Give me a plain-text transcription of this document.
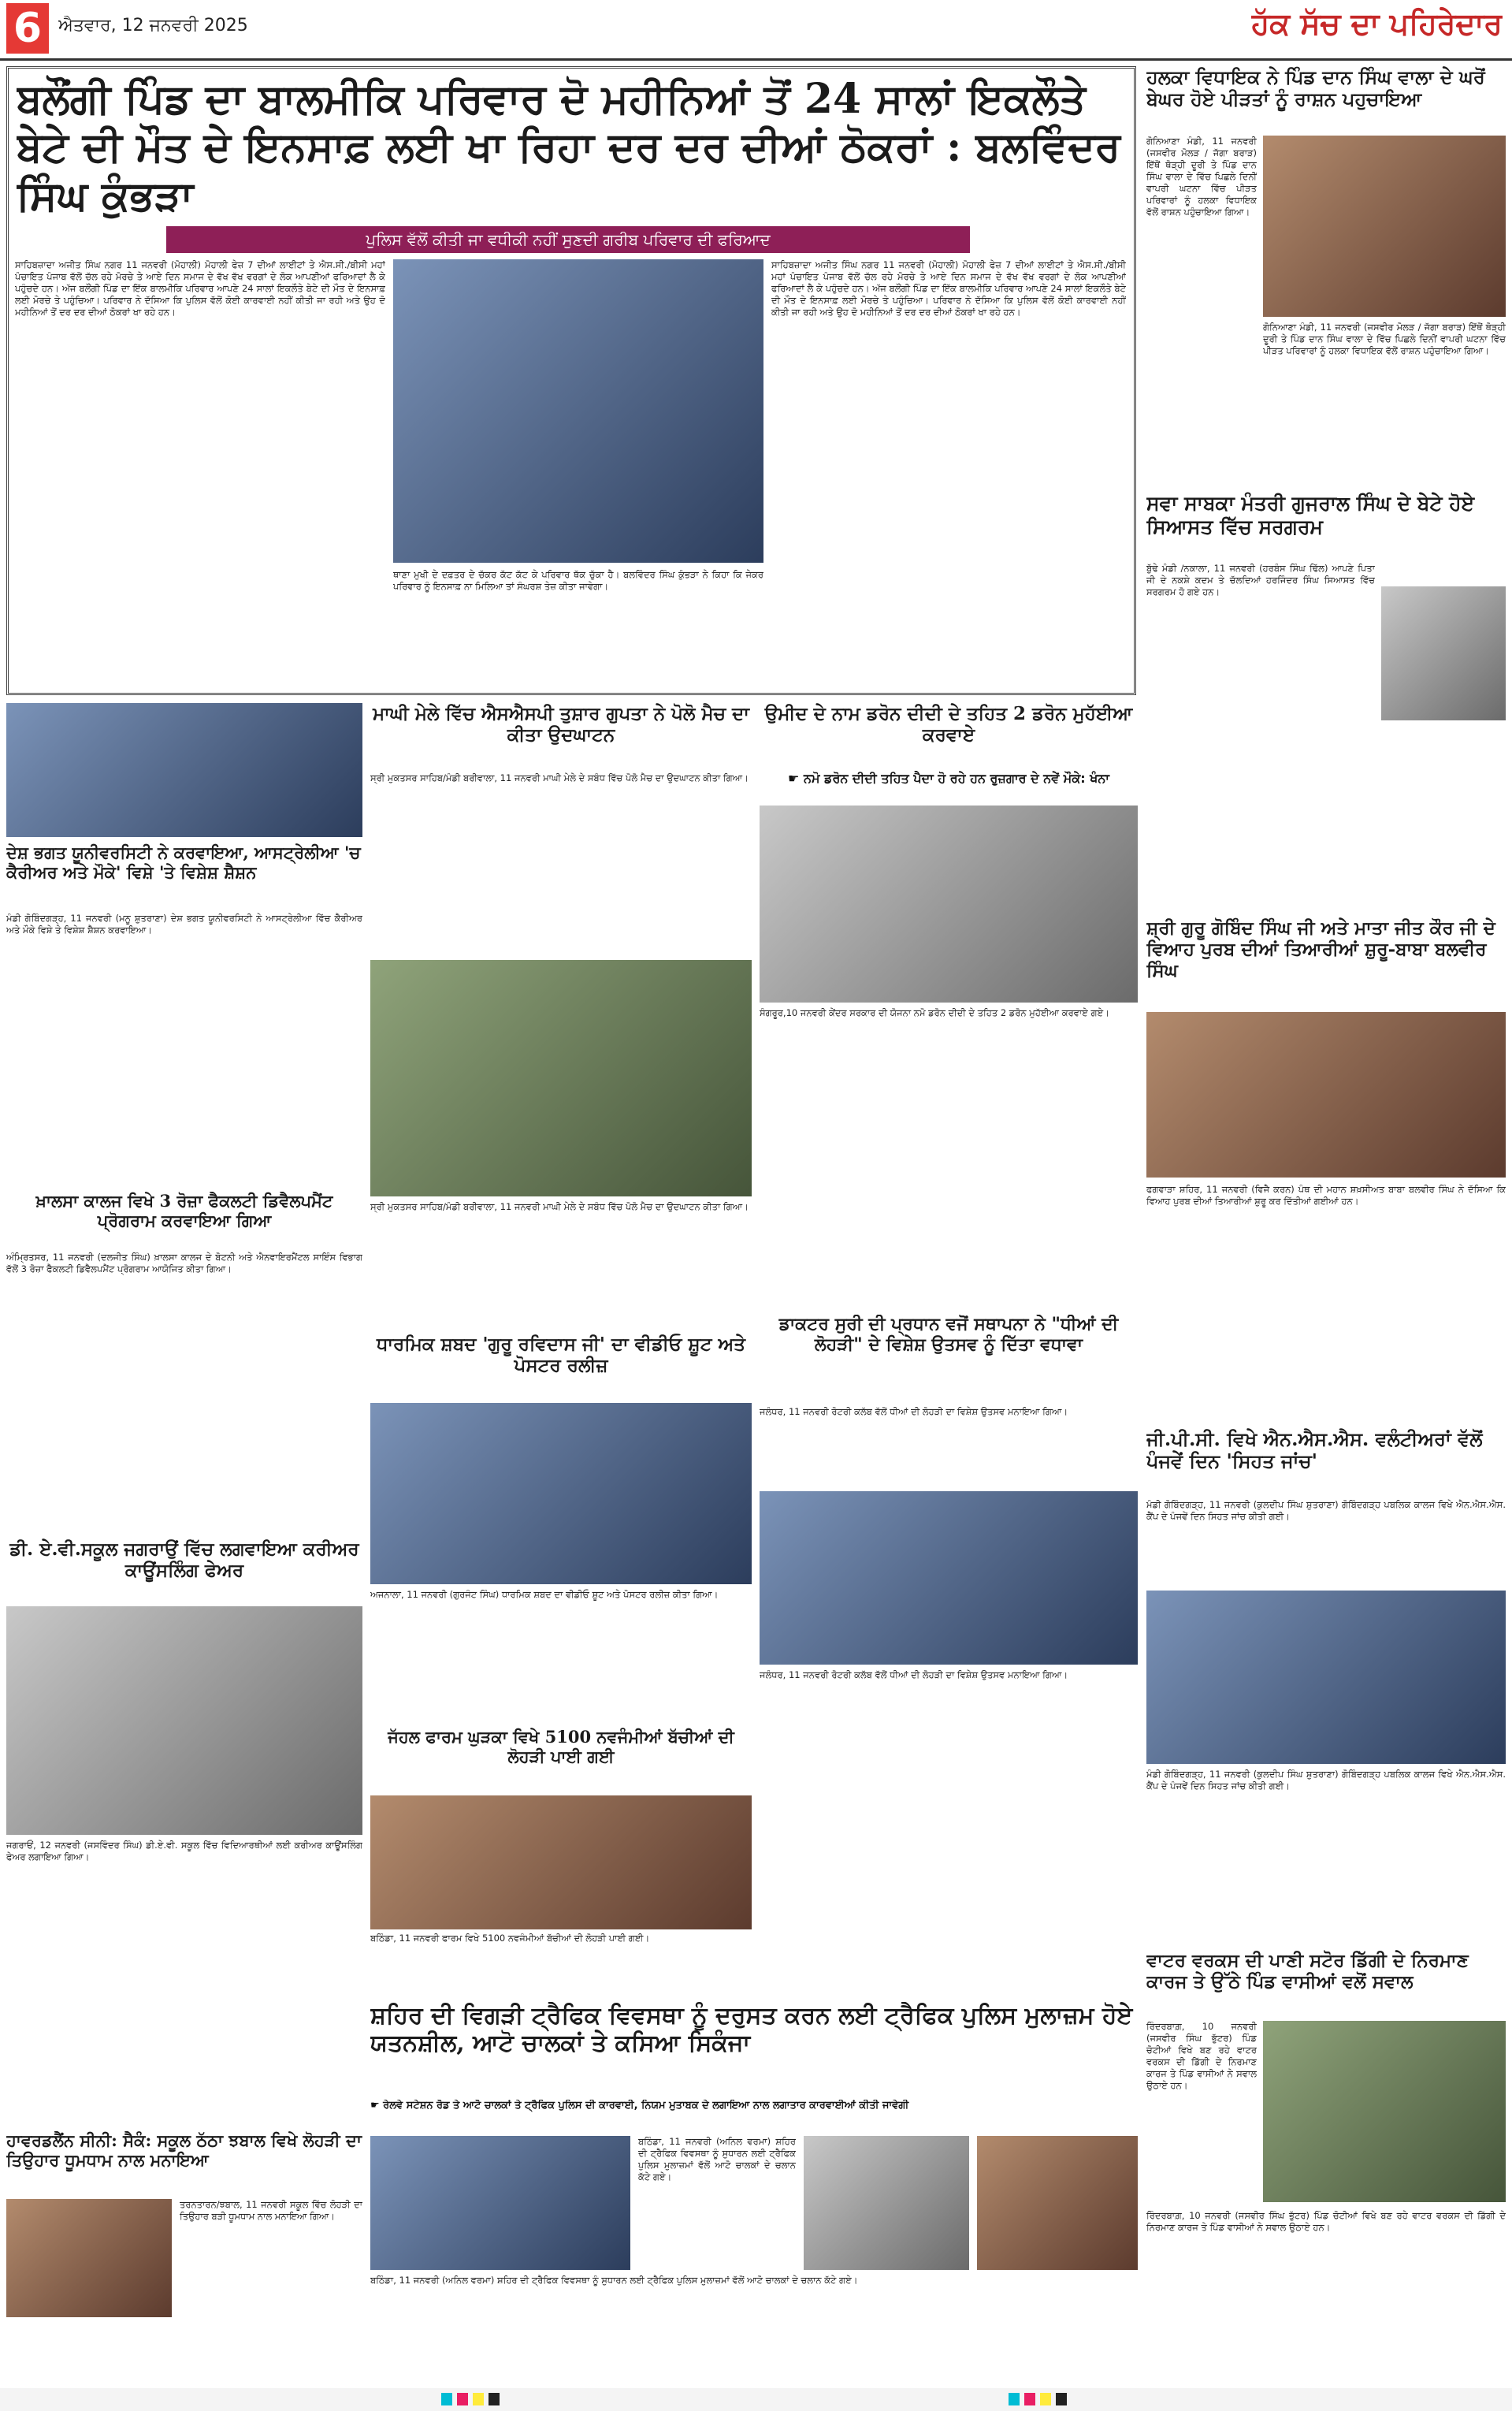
6 ਐਤਵਾਰ, 12 ਜਨਵਰੀ 2025	ਹੱਕ ਸੱਚ ਦਾ ਪਹਿਰੇਦਾਰ
ਬਲੌਂਗੀ ਪਿੰਡ ਦਾ ਬਾਲਮੀਕਿ ਪਰਿਵਾਰ ਦੋ ਮਹੀਨਿਆਂ ਤੋਂ 24 ਸਾਲਾਂ ਇਕਲੌਤੇ ਬੇਟੇ ਦੀ ਮੌਤ ਦੇ ਇਨਸਾਫ਼ ਲਈ ਖਾ ਰਿਹਾ ਦਰ ਦਰ ਦੀਆਂ ਠੋਕਰਾਂ : ਬਲਵਿੰਦਰ ਸਿੰਘ ਕੁੰਭੜਾ
ਪੁਲਿਸ ਵੱਲੋਂ ਕੀਤੀ ਜਾ ਵਧੀਕੀ ਨਹੀਂ ਸੁਣਦੀ ਗਰੀਬ ਪਰਿਵਾਰ ਦੀ ਫਰਿਆਦ
ਸਾਹਿਬਜ਼ਾਦਾ ਅਜੀਤ ਸਿੰਘ ਨਗਰ 11 ਜਨਵਰੀ (ਮੋਹਾਲੀ) ਮੋਹਾਲੀ ਫੇਜ਼ 7 ਦੀਆਂ ਲਾਈਟਾਂ ਤੇ ਐਸ.ਸੀ./ਬੀਸੀ ਮਹਾਂ ਪੰਚਾਇਤ ਪੰਜਾਬ ਵੱਲੋਂ ਚੱਲ ਰਹੇ ਮੋਰਚੇ ਤੇ ਆਏ ਦਿਨ ਸਮਾਜ ਦੇ ਵੱਖ ਵੱਖ ਵਰਗਾਂ ਦੇ ਲੋਕ ਆਪਣੀਆਂ ਫਰਿਆਦਾਂ ਲੈ ਕੇ ਪਹੁੰਚਦੇ ਹਨ। ਅੱਜ ਬਲੌਂਗੀ ਪਿੰਡ ਦਾ ਇੱਕ ਬਾਲਮੀਕਿ ਪਰਿਵਾਰ ਆਪਣੇ 24 ਸਾਲਾਂ ਇਕਲੌਤੇ ਬੇਟੇ ਦੀ ਮੌਤ ਦੇ ਇਨਸਾਫ਼ ਲਈ ਮੋਰਚੇ ਤੇ ਪਹੁੰਚਿਆ। ਪਰਿਵਾਰ ਨੇ ਦੱਸਿਆ ਕਿ ਪੁਲਿਸ ਵੱਲੋਂ ਕੋਈ ਕਾਰਵਾਈ ਨਹੀਂ ਕੀਤੀ ਜਾ ਰਹੀ ਅਤੇ ਉਹ ਦੋ ਮਹੀਨਿਆਂ ਤੋਂ ਦਰ ਦਰ ਦੀਆਂ ਠੋਕਰਾਂ ਖਾ ਰਹੇ ਹਨ।
ਥਾਣਾ ਮੁਖੀ ਦੇ ਦਫ਼ਤਰ ਦੇ ਚੱਕਰ ਕੱਟ ਕੱਟ ਕੇ ਪਰਿਵਾਰ ਥੱਕ ਚੁੱਕਾ ਹੈ। ਬਲਵਿੰਦਰ ਸਿੰਘ ਕੁੰਭੜਾ ਨੇ ਕਿਹਾ ਕਿ ਜੇਕਰ ਪਰਿਵਾਰ ਨੂੰ ਇਨਸਾਫ਼ ਨਾ ਮਿਲਿਆ ਤਾਂ ਸੰਘਰਸ਼ ਤੇਜ਼ ਕੀਤਾ ਜਾਵੇਗਾ।
ਸਾਹਿਬਜ਼ਾਦਾ ਅਜੀਤ ਸਿੰਘ ਨਗਰ 11 ਜਨਵਰੀ (ਮੋਹਾਲੀ) ਮੋਹਾਲੀ ਫੇਜ਼ 7 ਦੀਆਂ ਲਾਈਟਾਂ ਤੇ ਐਸ.ਸੀ./ਬੀਸੀ ਮਹਾਂ ਪੰਚਾਇਤ ਪੰਜਾਬ ਵੱਲੋਂ ਚੱਲ ਰਹੇ ਮੋਰਚੇ ਤੇ ਆਏ ਦਿਨ ਸਮਾਜ ਦੇ ਵੱਖ ਵੱਖ ਵਰਗਾਂ ਦੇ ਲੋਕ ਆਪਣੀਆਂ ਫਰਿਆਦਾਂ ਲੈ ਕੇ ਪਹੁੰਚਦੇ ਹਨ। ਅੱਜ ਬਲੌਂਗੀ ਪਿੰਡ ਦਾ ਇੱਕ ਬਾਲਮੀਕਿ ਪਰਿਵਾਰ ਆਪਣੇ 24 ਸਾਲਾਂ ਇਕਲੌਤੇ ਬੇਟੇ ਦੀ ਮੌਤ ਦੇ ਇਨਸਾਫ਼ ਲਈ ਮੋਰਚੇ ਤੇ ਪਹੁੰਚਿਆ। ਪਰਿਵਾਰ ਨੇ ਦੱਸਿਆ ਕਿ ਪੁਲਿਸ ਵੱਲੋਂ ਕੋਈ ਕਾਰਵਾਈ ਨਹੀਂ ਕੀਤੀ ਜਾ ਰਹੀ ਅਤੇ ਉਹ ਦੋ ਮਹੀਨਿਆਂ ਤੋਂ ਦਰ ਦਰ ਦੀਆਂ ਠੋਕਰਾਂ ਖਾ ਰਹੇ ਹਨ।
ਹਲਕਾ ਵਿਧਾਇਕ ਨੇ ਪਿੰਡ ਦਾਨ ਸਿੰਘ ਵਾਲਾ ਦੇ ਘਰੋਂ ਬੇਘਰ ਹੋਏ ਪੀੜਤਾਂ ਨੂੰ ਰਾਸ਼ਨ ਪਹੁਚਾਇਆ
ਗੋਨਿਆਣਾ ਮੰਡੀ, 11 ਜਨਵਰੀ (ਜਸਵੀਰ ਮੋਲੜ / ਜੱਗਾ ਬਰਾੜ) ਇੱਥੋਂ ਥੋੜ੍ਹੀ ਦੂਰੀ ਤੇ ਪਿੰਡ ਦਾਨ ਸਿੰਘ ਵਾਲਾ ਦੇ ਵਿੱਚ ਪਿਛਲੇ ਦਿਨੀਂ ਵਾਪਰੀ ਘਟਨਾ ਵਿੱਚ ਪੀੜਤ ਪਰਿਵਾਰਾਂ ਨੂੰ ਹਲਕਾ ਵਿਧਾਇਕ ਵੱਲੋਂ ਰਾਸ਼ਨ ਪਹੁੰਚਾਇਆ ਗਿਆ।
ਗੋਨਿਆਣਾ ਮੰਡੀ, 11 ਜਨਵਰੀ (ਜਸਵੀਰ ਮੋਲੜ / ਜੱਗਾ ਬਰਾੜ) ਇੱਥੋਂ ਥੋੜ੍ਹੀ ਦੂਰੀ ਤੇ ਪਿੰਡ ਦਾਨ ਸਿੰਘ ਵਾਲਾ ਦੇ ਵਿੱਚ ਪਿਛਲੇ ਦਿਨੀਂ ਵਾਪਰੀ ਘਟਨਾ ਵਿੱਚ ਪੀੜਤ ਪਰਿਵਾਰਾਂ ਨੂੰ ਹਲਕਾ ਵਿਧਾਇਕ ਵੱਲੋਂ ਰਾਸ਼ਨ ਪਹੁੰਚਾਇਆ ਗਿਆ।
ਸਵਾ ਸਾਬਕਾ ਮੰਤਰੀ ਗੁਜਰਾਲ ਸਿੰਘ ਦੇ ਬੇਟੇ ਹੋਏ ਸਿਆਸਤ ਵਿੱਚ ਸਰਗਰਮ
ਬੁੱਢੇ ਮੰਡੀ /ਨਕਾਲਾ, 11 ਜਨਵਰੀ (ਹਰਬੰਸ ਸਿੰਘ ਢਿੱਲ) ਆਪਣੇ ਪਿਤਾ ਜੀ ਦੇ ਨਕਸ਼ੇ ਕਦਮ ਤੇ ਚੱਲਦਿਆਂ ਹਰਜਿੰਦਰ ਸਿੰਘ ਸਿਆਸਤ ਵਿੱਚ ਸਰਗਰਮ ਹੋ ਗਏ ਹਨ।
ਸ਼੍ਰੀ ਗੁਰੂ ਗੋਬਿੰਦ ਸਿੰਘ ਜੀ ਅਤੇ ਮਾਤਾ ਜੀਤ ਕੌਰ ਜੀ ਦੇ ਵਿਆਹ ਪੁਰਬ ਦੀਆਂ ਤਿਆਰੀਆਂ ਸ਼ੁਰੂ-ਬਾਬਾ ਬਲਵੀਰ ਸਿੰਘ
ਫਗਵਾੜਾ ਸ਼ਹਿਰ, 11 ਜਨਵਰੀ (ਵਿਜੈ ਕਰਨ) ਪੰਥ ਦੀ ਮਹਾਨ ਸ਼ਖ਼ਸੀਅਤ ਬਾਬਾ ਬਲਵੀਰ ਸਿੰਘ ਨੇ ਦੱਸਿਆ ਕਿ ਵਿਆਹ ਪੁਰਬ ਦੀਆਂ ਤਿਆਰੀਆਂ ਸ਼ੁਰੂ ਕਰ ਦਿੱਤੀਆਂ ਗਈਆਂ ਹਨ।
ਜੀ.ਪੀ.ਸੀ. ਵਿਖੇ ਐਨ.ਐਸ.ਐਸ. ਵਲੰਟੀਅਰਾਂ ਵੱਲੋਂ ਪੰਜਵੇਂ ਦਿਨ 'ਸਿਹਤ ਜਾਂਚ'
ਮੰਡੀ ਗੋਬਿੰਦਗੜ੍ਹ, 11 ਜਨਵਰੀ (ਕੁਲਦੀਪ ਸਿੰਘ ਸ਼ੁਤਰਾਣਾ) ਗੋਬਿੰਦਗੜ੍ਹ ਪਬਲਿਕ ਕਾਲਜ ਵਿਖੇ ਐਨ.ਐਸ.ਐਸ. ਕੈਂਪ ਦੇ ਪੰਜਵੇਂ ਦਿਨ ਸਿਹਤ ਜਾਂਚ ਕੀਤੀ ਗਈ।
ਮੰਡੀ ਗੋਬਿੰਦਗੜ੍ਹ, 11 ਜਨਵਰੀ (ਕੁਲਦੀਪ ਸਿੰਘ ਸ਼ੁਤਰਾਣਾ) ਗੋਬਿੰਦਗੜ੍ਹ ਪਬਲਿਕ ਕਾਲਜ ਵਿਖੇ ਐਨ.ਐਸ.ਐਸ. ਕੈਂਪ ਦੇ ਪੰਜਵੇਂ ਦਿਨ ਸਿਹਤ ਜਾਂਚ ਕੀਤੀ ਗਈ।
ਵਾਟਰ ਵਰਕਸ ਦੀ ਪਾਣੀ ਸਟੋਰ ਡਿੱਗੀ ਦੇ ਨਿਰਮਾਣ ਕਾਰਜ ਤੇ ਉੱਠੇ ਪਿੰਡ ਵਾਸੀਆਂ ਵਲੋਂ ਸਵਾਲ
ਰਿੰਦਰਬਾਗ਼, 10 ਜਨਵਰੀ (ਜਸਵੀਰ ਸਿੰਘ ਭੁੱਟਰ) ਪਿੰਡ ਚੋਟੀਆਂ ਵਿਖੇ ਬਣ ਰਹੇ ਵਾਟਰ ਵਰਕਸ ਦੀ ਡਿੱਗੀ ਦੇ ਨਿਰਮਾਣ ਕਾਰਜ ਤੇ ਪਿੰਡ ਵਾਸੀਆਂ ਨੇ ਸਵਾਲ ਉਠਾਏ ਹਨ।
ਰਿੰਦਰਬਾਗ਼, 10 ਜਨਵਰੀ (ਜਸਵੀਰ ਸਿੰਘ ਭੁੱਟਰ) ਪਿੰਡ ਚੋਟੀਆਂ ਵਿਖੇ ਬਣ ਰਹੇ ਵਾਟਰ ਵਰਕਸ ਦੀ ਡਿੱਗੀ ਦੇ ਨਿਰਮਾਣ ਕਾਰਜ ਤੇ ਪਿੰਡ ਵਾਸੀਆਂ ਨੇ ਸਵਾਲ ਉਠਾਏ ਹਨ।
ਦੇਸ਼ ਭਗਤ ਯੂਨੀਵਰਸਿਟੀ ਨੇ ਕਰਵਾਇਆ, ਆਸਟ੍ਰੇਲੀਆ 'ਚ ਕੈਰੀਅਰ ਅਤੇ ਮੌਕੇ' ਵਿਸ਼ੇ 'ਤੇ ਵਿਸ਼ੇਸ਼ ਸ਼ੈਸ਼ਨ
ਮੰਡੀ ਗੋਬਿੰਦਗੜ੍ਹ, 11 ਜਨਵਰੀ (ਮਨੂ ਸ਼ੁਤਰਾਣਾ) ਦੇਸ਼ ਭਗਤ ਯੂਨੀਵਰਸਿਟੀ ਨੇ ਆਸਟ੍ਰੇਲੀਆ ਵਿੱਚ ਕੈਰੀਅਰ ਅਤੇ ਮੌਕੇ ਵਿਸ਼ੇ ਤੇ ਵਿਸ਼ੇਸ਼ ਸ਼ੈਸ਼ਨ ਕਰਵਾਇਆ।
ਖ਼ਾਲਸਾ ਕਾਲਜ ਵਿਖੇ 3 ਰੋਜ਼ਾ ਫੈਕਲਟੀ ਡਿਵੈਲਪਮੈਂਟ ਪ੍ਰੋਗਰਾਮ ਕਰਵਾਇਆ ਗਿਆ
ਅੰਮ੍ਰਿਤਸਰ, 11 ਜਨਵਰੀ (ਦਲਜੀਤ ਸਿੰਘ) ਖ਼ਾਲਸਾ ਕਾਲਜ ਦੇ ਬੋਟਨੀ ਅਤੇ ਐਨਵਾਇਰਮੈਂਟਲ ਸਾਇੰਸ ਵਿਭਾਗ ਵੱਲੋਂ 3 ਰੋਜ਼ਾ ਫੈਕਲਟੀ ਡਿਵੈਲਪਮੈਂਟ ਪ੍ਰੋਗਰਾਮ ਆਯੋਜਿਤ ਕੀਤਾ ਗਿਆ।
ਡੀ. ਏ.ਵੀ.ਸਕੂਲ ਜਗਰਾਉਂ ਵਿੱਚ ਲਗਵਾਇਆ ਕਰੀਅਰ ਕਾਊਂਸਲਿੰਗ ਫੇਅਰ
ਜਗਰਾਓਂ, 12 ਜਨਵਰੀ (ਜਸਵਿੰਦਰ ਸਿੰਘ) ਡੀ.ਏ.ਵੀ. ਸਕੂਲ ਵਿੱਚ ਵਿਦਿਆਰਥੀਆਂ ਲਈ ਕਰੀਅਰ ਕਾਊਂਸਲਿੰਗ ਫੇਅਰ ਲਗਾਇਆ ਗਿਆ।
ਹਾਵਰਡਲੈਂਨ ਸੀਨੀ: ਸੈਕੰ: ਸਕੂਲ ਠੱਠਾ ਝਬਾਲ ਵਿਖੇ ਲੋਹੜੀ ਦਾ ਤਿਉਹਾਰ ਧੂਮਧਾਮ ਨਾਲ ਮਨਾਇਆ
ਤਰਨਤਾਰਨ/ਝਬਾਲ, 11 ਜਨਵਰੀ ਸਕੂਲ ਵਿੱਚ ਲੋਹੜੀ ਦਾ ਤਿਉਹਾਰ ਬੜੀ ਧੂਮਧਾਮ ਨਾਲ ਮਨਾਇਆ ਗਿਆ।
ਮਾਘੀ ਮੇਲੇ ਵਿੱਚ ਐਸਐਸਪੀ ਤੁਸ਼ਾਰ ਗੁਪਤਾ ਨੇ ਪੋਲੋ ਮੈਚ ਦਾ ਕੀਤਾ ਉਦਘਾਟਨ
ਸ੍ਰੀ ਮੁਕਤਸਰ ਸਾਹਿਬ/ਮੰਡੀ ਬਰੀਵਾਲਾ, 11 ਜਨਵਰੀ ਮਾਘੀ ਮੇਲੇ ਦੇ ਸਬੰਧ ਵਿੱਚ ਪੋਲੋ ਮੈਚ ਦਾ ਉਦਘਾਟਨ ਕੀਤਾ ਗਿਆ।
ਸ੍ਰੀ ਮੁਕਤਸਰ ਸਾਹਿਬ/ਮੰਡੀ ਬਰੀਵਾਲਾ, 11 ਜਨਵਰੀ ਮਾਘੀ ਮੇਲੇ ਦੇ ਸਬੰਧ ਵਿੱਚ ਪੋਲੋ ਮੈਚ ਦਾ ਉਦਘਾਟਨ ਕੀਤਾ ਗਿਆ।
ਧਾਰਮਿਕ ਸ਼ਬਦ 'ਗੁਰੂ ਰਵਿਦਾਸ ਜੀ' ਦਾ ਵੀਡੀਓ ਸ਼ੂਟ ਅਤੇ ਪੋਸਟਰ ਰਲੀਜ਼
ਅਜਨਾਲਾ, 11 ਜਨਵਰੀ (ਗੁਰਜੰਟ ਸਿੰਘ) ਧਾਰਮਿਕ ਸ਼ਬਦ ਦਾ ਵੀਡੀਓ ਸ਼ੂਟ ਅਤੇ ਪੋਸਟਰ ਰਲੀਜ਼ ਕੀਤਾ ਗਿਆ।
ਜੱਹਲ ਫਾਰਮ ਘੁੜਕਾ ਵਿਖੇ 5100 ਨਵਜੰਮੀਆਂ ਬੱਚੀਆਂ ਦੀ ਲੋਹੜੀ ਪਾਈ ਗਈ
ਬਠਿੰਡਾ, 11 ਜਨਵਰੀ ਫਾਰਮ ਵਿਖੇ 5100 ਨਵਜੰਮੀਆਂ ਬੱਚੀਆਂ ਦੀ ਲੋਹੜੀ ਪਾਈ ਗਈ।
ਉਮੀਦ ਦੇ ਨਾਮ ਡਰੋਨ ਦੀਦੀ ਦੇ ਤਹਿਤ 2 ਡਰੋਨ ਮੁਹੱਈਆ ਕਰਵਾਏ
☛ ਨਮੋ ਡਰੋਨ ਦੀਦੀ ਤਹਿਤ ਪੈਦਾ ਹੋ ਰਹੇ ਹਨ ਰੁਜ਼ਗਾਰ ਦੇ ਨਵੇਂ ਮੌਕੇ: ਖੰਨਾ
ਸੰਗਰੂਰ,10 ਜਨਵਰੀ ਕੇਂਦਰ ਸਰਕਾਰ ਦੀ ਯੋਜਨਾ ਨਮੋ ਡਰੋਨ ਦੀਦੀ ਦੇ ਤਹਿਤ 2 ਡਰੋਨ ਮੁਹੱਈਆ ਕਰਵਾਏ ਗਏ।
ਡਾਕਟਰ ਸੁਰੀ ਦੀ ਪ੍ਰਧਾਨ ਵਜੋਂ ਸਥਾਪਨਾ ਨੇ "ਧੀਆਂ ਦੀ ਲੋਹੜੀ" ਦੇ ਵਿਸ਼ੇਸ਼ ਉਤਸਵ ਨੂੰ ਦਿੱਤਾ ਵਧਾਵਾ
ਜਲੰਧਰ, 11 ਜਨਵਰੀ ਰੋਟਰੀ ਕਲੱਬ ਵੱਲੋਂ ਧੀਆਂ ਦੀ ਲੋਹੜੀ ਦਾ ਵਿਸ਼ੇਸ਼ ਉਤਸਵ ਮਨਾਇਆ ਗਿਆ।
ਜਲੰਧਰ, 11 ਜਨਵਰੀ ਰੋਟਰੀ ਕਲੱਬ ਵੱਲੋਂ ਧੀਆਂ ਦੀ ਲੋਹੜੀ ਦਾ ਵਿਸ਼ੇਸ਼ ਉਤਸਵ ਮਨਾਇਆ ਗਿਆ।
ਸ਼ਹਿਰ ਦੀ ਵਿਗੜੀ ਟ੍ਰੈਫਿਕ ਵਿਵਸਥਾ ਨੂੰ ਦਰੁਸਤ ਕਰਨ ਲਈ ਟ੍ਰੈਫਿਕ ਪੁਲਿਸ ਮੁਲਾਜ਼ਮ ਹੋਏ ਯਤਨਸ਼ੀਲ, ਆਟੋ ਚਾਲਕਾਂ ਤੇ ਕਸਿਆ ਸਿਕੰਜਾ
☛ ਰੇਲਵੇ ਸਟੇਸ਼ਨ ਰੋਡ ਤੇ ਆਟੋ ਚਾਲਕਾਂ ਤੇ ਟ੍ਰੈਫਿਕ ਪੁਲਿਸ ਦੀ ਕਾਰਵਾਈ, ਨਿਯਮ ਮੁਤਾਬਕ ਦੇ ਲਗਾਇਆ ਨਾਲ ਲਗਾਤਾਰ ਕਾਰਵਾਈਆਂ ਕੀਤੀ ਜਾਵੇਗੀ
ਬਠਿੰਡਾ, 11 ਜਨਵਰੀ (ਅਨਿਲ ਵਰਮਾ) ਸ਼ਹਿਰ ਦੀ ਟ੍ਰੈਫਿਕ ਵਿਵਸਥਾ ਨੂੰ ਸੁਧਾਰਨ ਲਈ ਟ੍ਰੈਫਿਕ ਪੁਲਿਸ ਮੁਲਾਜ਼ਮਾਂ ਵੱਲੋਂ ਆਟੋ ਚਾਲਕਾਂ ਦੇ ਚਲਾਨ ਕੱਟੇ ਗਏ।
ਬਠਿੰਡਾ, 11 ਜਨਵਰੀ (ਅਨਿਲ ਵਰਮਾ) ਸ਼ਹਿਰ ਦੀ ਟ੍ਰੈਫਿਕ ਵਿਵਸਥਾ ਨੂੰ ਸੁਧਾਰਨ ਲਈ ਟ੍ਰੈਫਿਕ ਪੁਲਿਸ ਮੁਲਾਜ਼ਮਾਂ ਵੱਲੋਂ ਆਟੋ ਚਾਲਕਾਂ ਦੇ ਚਲਾਨ ਕੱਟੇ ਗਏ।
